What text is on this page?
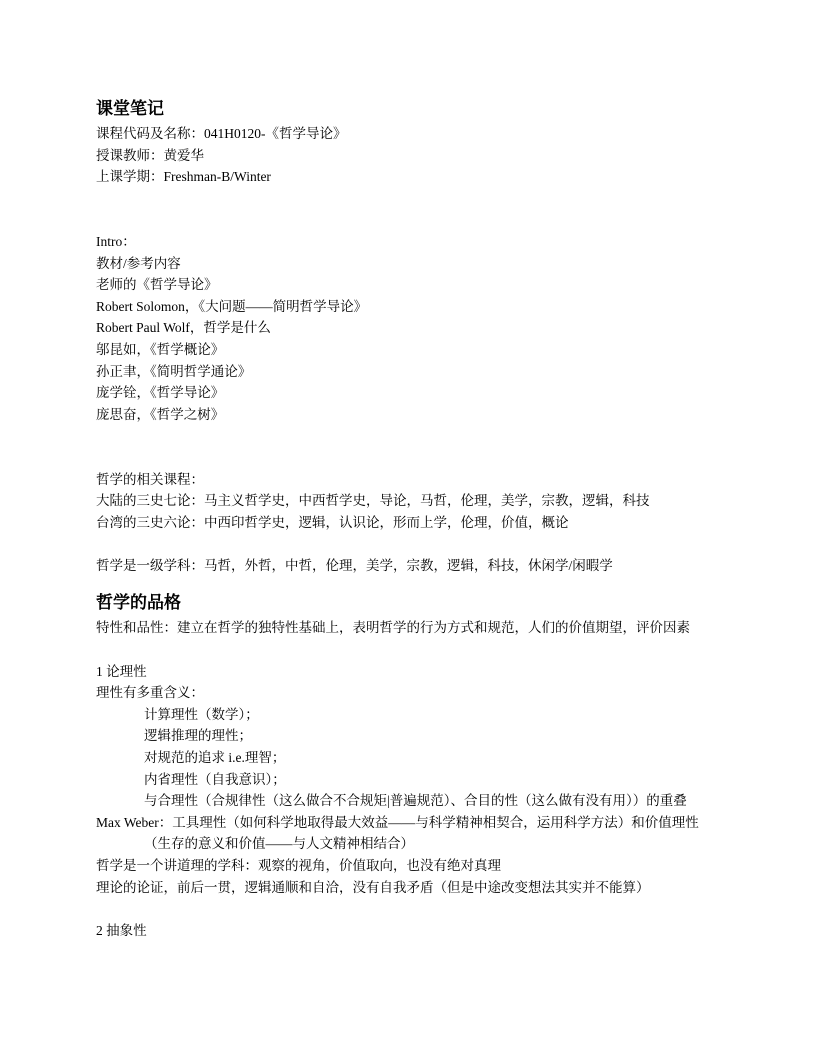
课堂笔记
课程代码及名称：041H0120-《哲学导论》
授课教师：黄爱华
上课学期：Freshman-B/Winter
Intro：
教材/参考内容
老师的《哲学导论》
Robert Solomon，《大问题——简明哲学导论》
Robert Paul Wolf，哲学是什么
邬昆如，《哲学概论》
孙正聿，《简明哲学通论》
庞学铨，《哲学导论》
庞思奋，《哲学之树》
哲学的相关课程：
大陆的三史七论：马主义哲学史，中西哲学史，导论，马哲，伦理，美学，宗教，逻辑，科技
台湾的三史六论：中西印哲学史，逻辑，认识论，形而上学，伦理，价值，概论
哲学是一级学科：马哲，外哲，中哲，伦理，美学，宗教，逻辑，科技，休闲学/闲暇学
哲学的品格
特性和品性：建立在哲学的独特性基础上，表明哲学的行为方式和规范，人们的价值期望，评价因素
1 论理性
理性有多重含义：
计算理性（数学）；
逻辑推理的理性；
对规范的追求 i.e.理智；
内省理性（自我意识）；
与合理性（合规律性（这么做合不合规矩|普遍规范）、合目的性（这么做有没有用））的重叠
Max Weber：工具理性（如何科学地取得最大效益——与科学精神相契合，运用科学方法）和价值理性（生存的意义和价值——与人文精神相结合）
哲学是一个讲道理的学科：观察的视角，价值取向，也没有绝对真理
理论的论证，前后一贯，逻辑通顺和自洽，没有自我矛盾（但是中途改变想法其实并不能算）
2 抽象性
